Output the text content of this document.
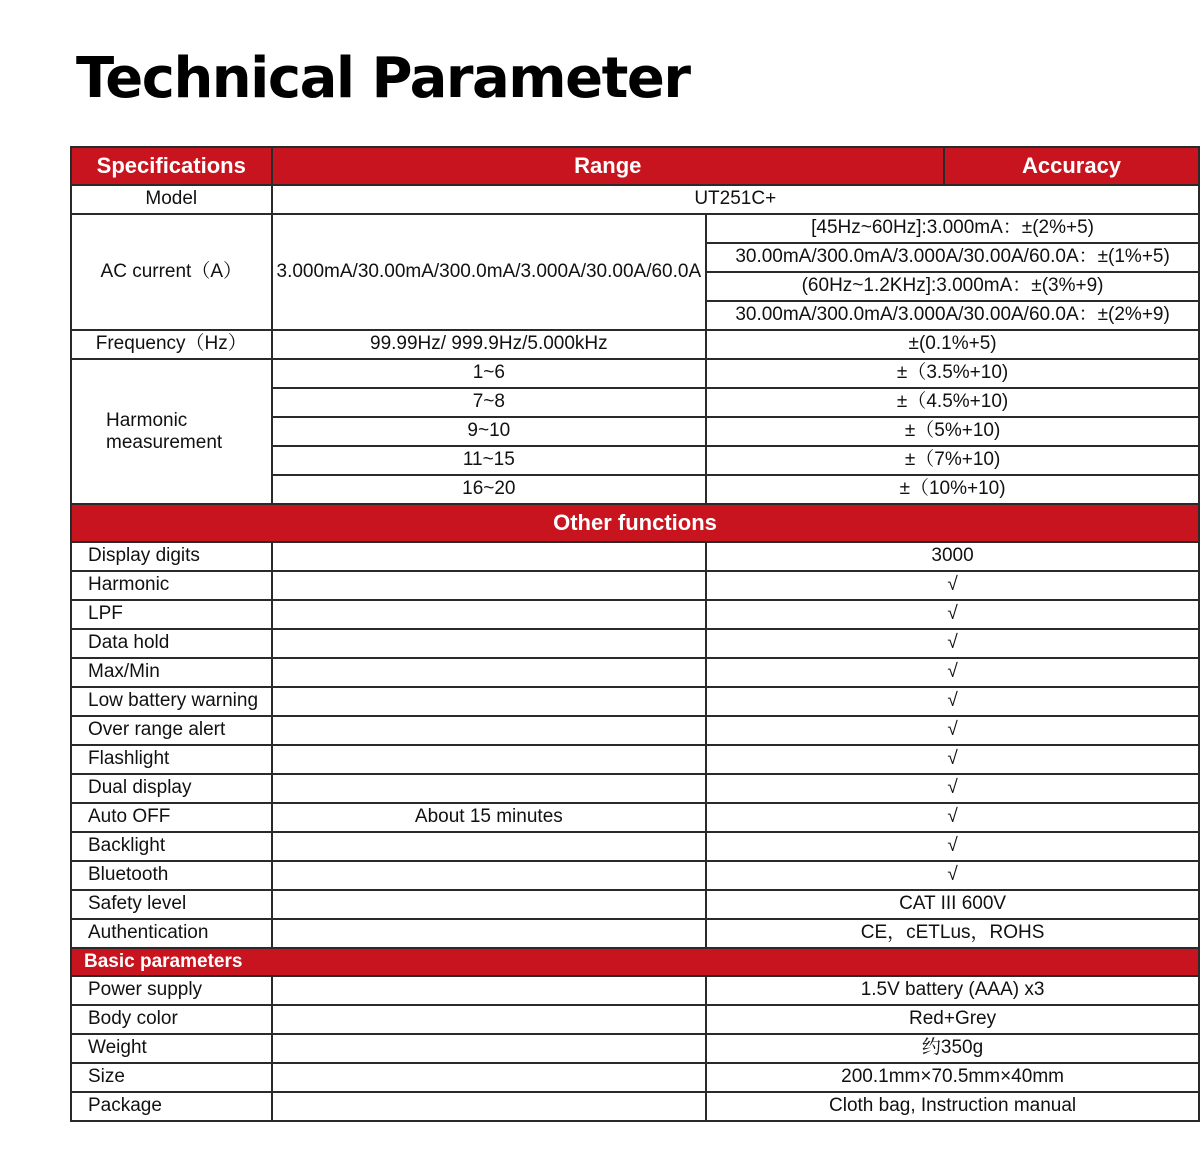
Technical Parameter
Specifications	Range		Accuracy
Model	UT251C+		
AC current（A）	3.000mA/30.00mA/300.0mA/3.000A/30.00A/60.0A	[45Hz~60Hz]:3.000mA：±(2%+5)	
		30.00mA/300.0mA/3.000A/30.00A/60.0A：±(1%+5)	
		(60Hz~1.2KHz]:3.000mA：±(3%+9)	
		30.00mA/300.0mA/3.000A/30.00A/60.0A：±(2%+9)	
Frequency（Hz）	99.99Hz/ 999.9Hz/5.000kHz	±(0.1%+5)	
Harmonic measurement	1~6	±（3.5%+10)	
	7~8	±（4.5%+10)	
	9~10	±（5%+10)	
	11~15	±（7%+10)	
	16~20	±（10%+10)	
Other functions			
Display digits		3000	
Harmonic		√	
LPF		√	
Data hold		√	
Max/Min		√	
Low battery warning		√	
Over range alert		√	
Flashlight		√	
Dual display		√	
Auto OFF	About 15 minutes	√	
Backlight		√	
Bluetooth		√	
Safety level		CAT III 600V	
Authentication		CE，cETLus，ROHS	
Basic parameters			
Power supply		1.5V battery (AAA) x3	
Body color		Red+Grey	
Weight		约350g	
Size		200.1mm×70.5mm×40mm	
Package		Cloth bag, Instruction manual	
